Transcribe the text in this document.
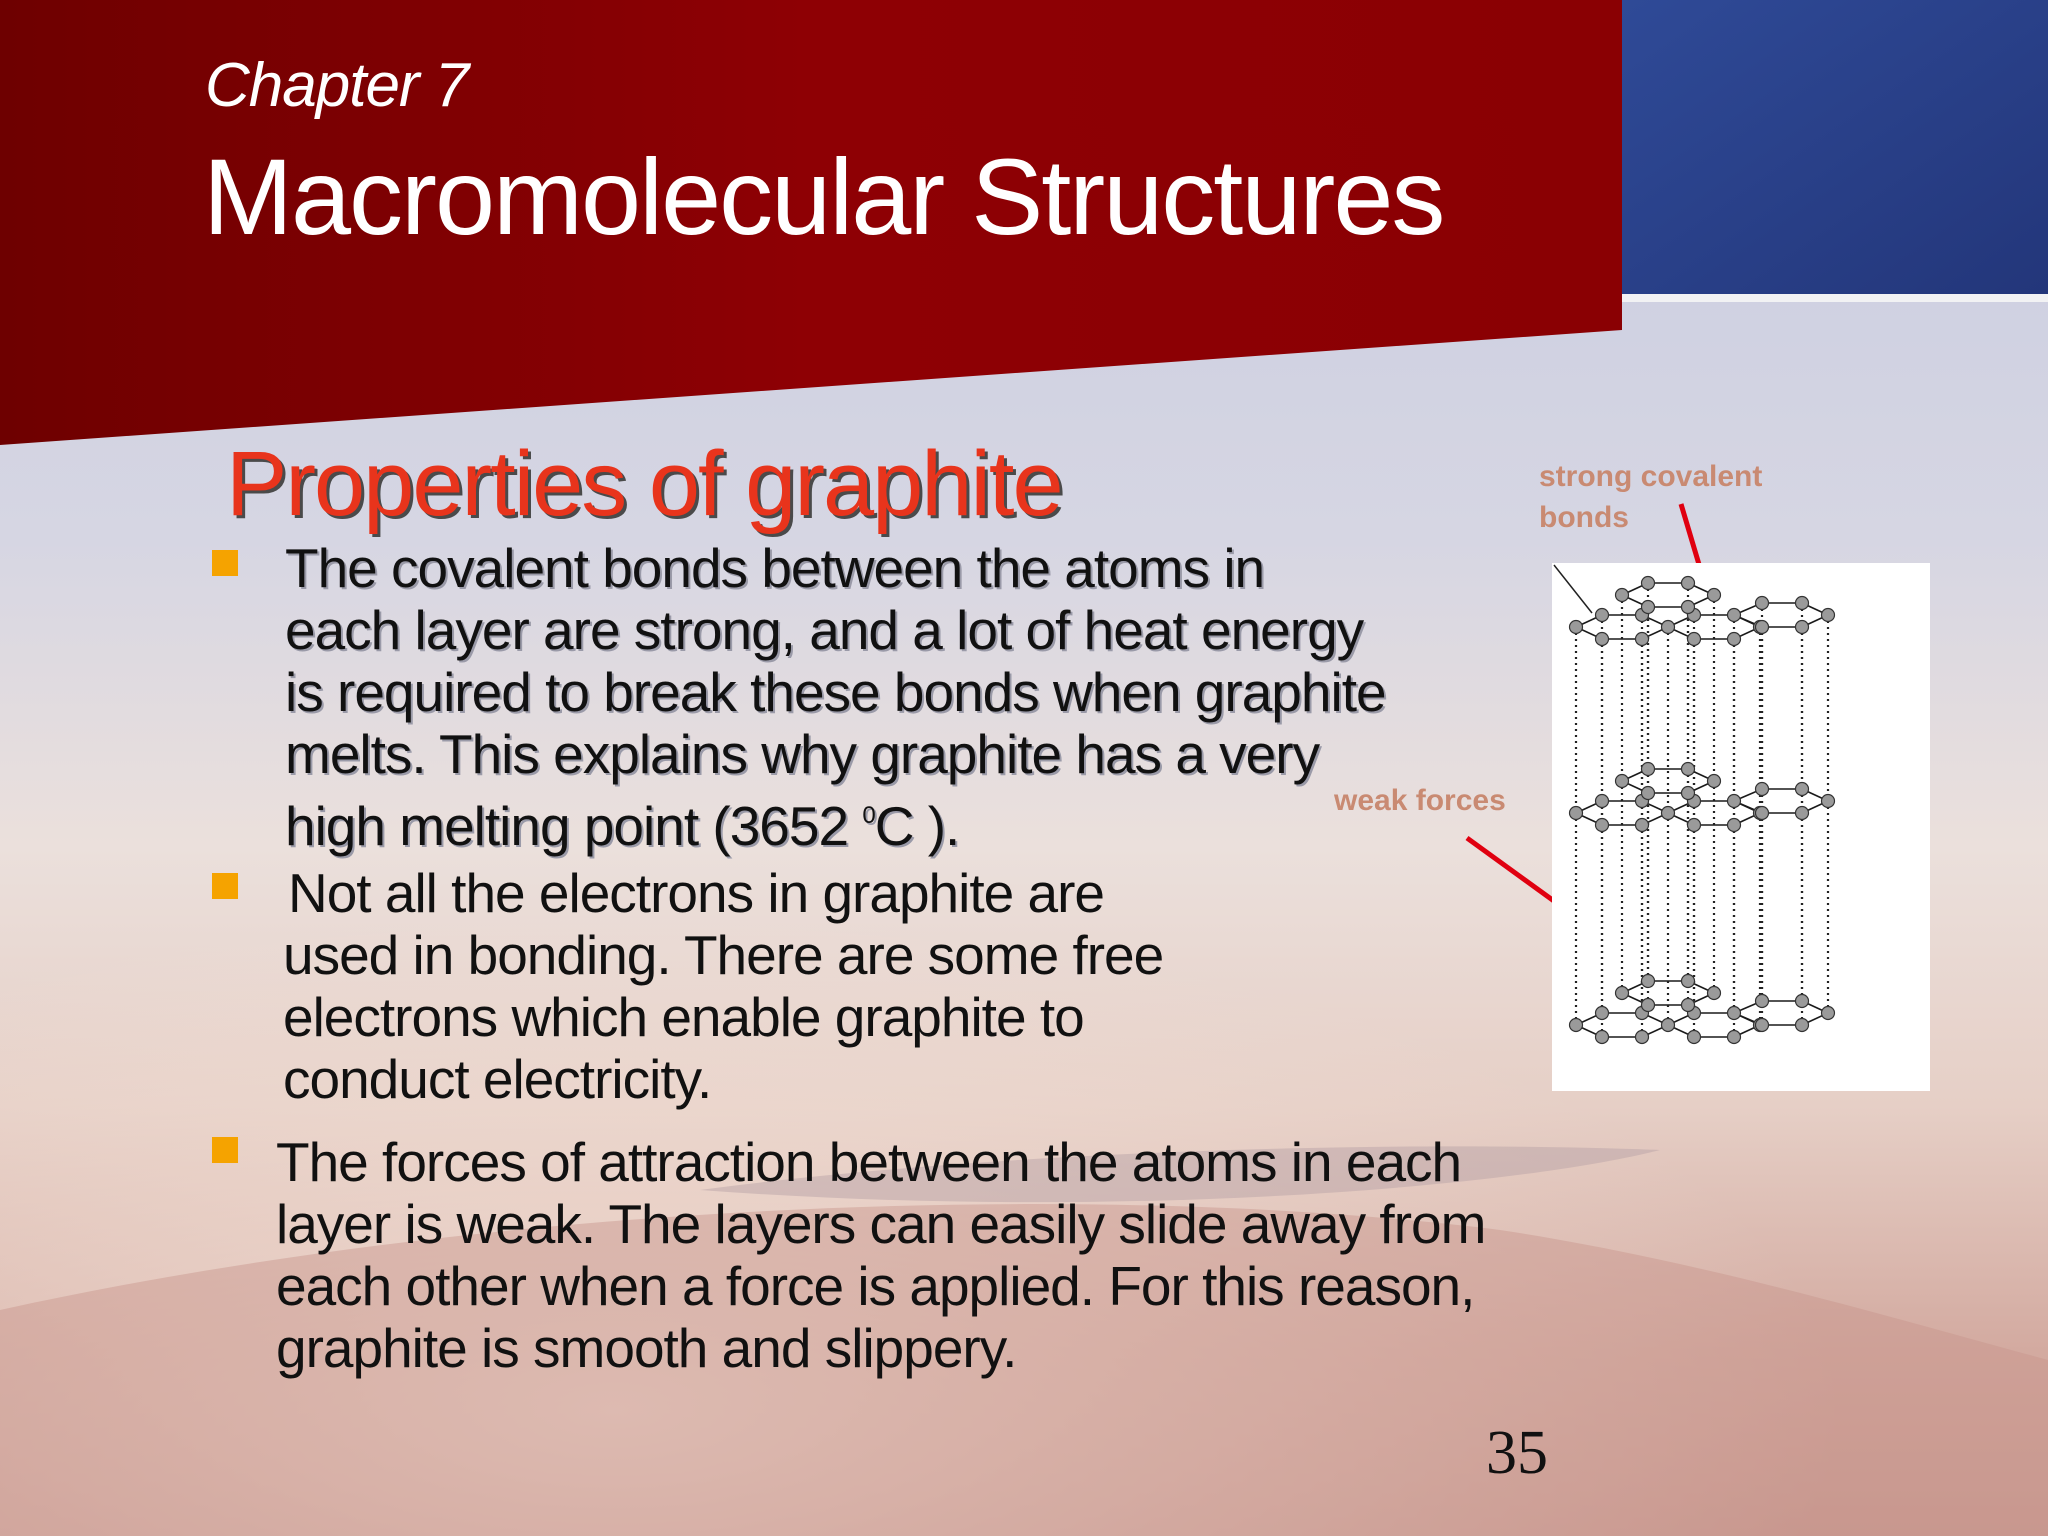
Chapter 7
Macromolecular Structures
Properties of graphite
The covalent bonds between the atoms in
each layer are strong, and a lot of heat energy
is required to break these bonds when graphite
melts. This explains why graphite has a very
high melting point (3652 $^0$C ).
Not all the electrons in graphite are
used in bonding. There are some free
electrons which enable graphite to
conduct electricity.
The forces of attraction between the atoms in each
layer is weak. The layers can easily slide away from
each other when a force is applied. For this reason,
graphite is smooth and slippery.
strong covalent
bonds
weak forces
35
